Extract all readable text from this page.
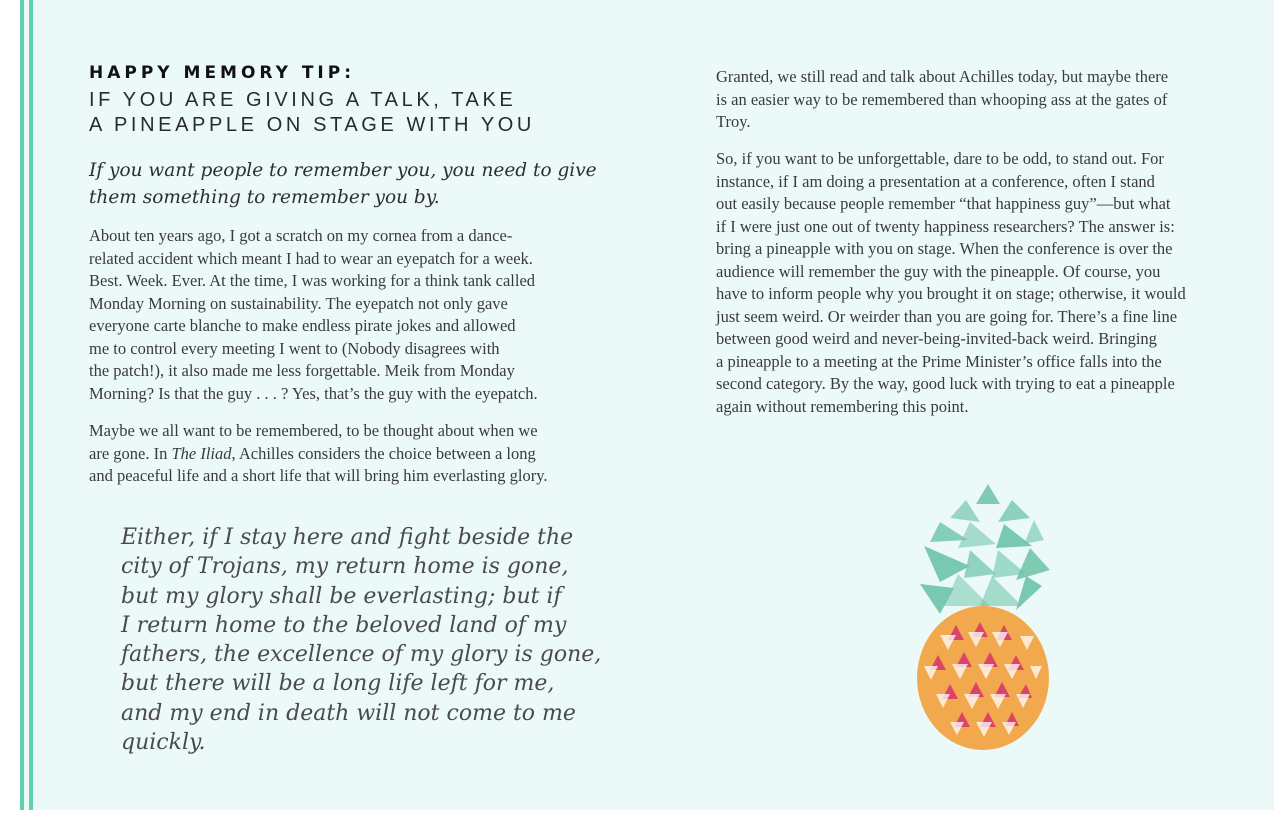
HAPPY MEMORY TIP:
IF YOU ARE GIVING A TALK, TAKE
A PINEAPPLE ON STAGE WITH YOU
If you want people to remember you, you need to give
them something to remember you by.

About ten years ago, I got a scratch on my cornea from a dance-
related accident which meant I had to wear an eyepatch for a week.
Best. Week. Ever. At the time, I was working for a think tank called
Monday Morning on sustainability. The eyepatch not only gave
everyone carte blanche to make endless pirate jokes and allowed
me to control every meeting I went to (Nobody disagrees with
the patch!), it also made me less forgettable. Meik from Monday
Morning? Is that the guy . . . ? Yes, that’s the guy with the eyepatch.

Maybe we all want to be remembered, to be thought about when we
are gone. In The Iliad, Achilles considers the choice between a long
and peaceful life and a short life that will bring him everlasting glory.

Either, if I stay here and fight beside the
city of Trojans, my return home is gone,
but my glory shall be everlasting; but if
I return home to the beloved land of my
fathers, the excellence of my glory is gone,
but there will be a long life left for me,
and my end in death will not come to me
quickly.

Granted, we still read and talk about Achilles today, but maybe there
is an easier way to be remembered than whooping ass at the gates of
Troy.

So, if you want to be unforgettable, dare to be odd, to stand out. For
instance, if I am doing a presentation at a conference, often I stand
out easily because people remember “that happiness guy”—but what
if I were just one out of twenty happiness researchers? The answer is:
bring a pineapple with you on stage. When the conference is over the
audience will remember the guy with the pineapple. Of course, you
have to inform people why you brought it on stage; otherwise, it would
just seem weird. Or weirder than you are going for. There’s a fine line
between good weird and never-being-invited-back weird. Bringing
a pineapple to a meeting at the Prime Minister’s office falls into the
second category. By the way, good luck with trying to eat a pineapple
again without remembering this point.
